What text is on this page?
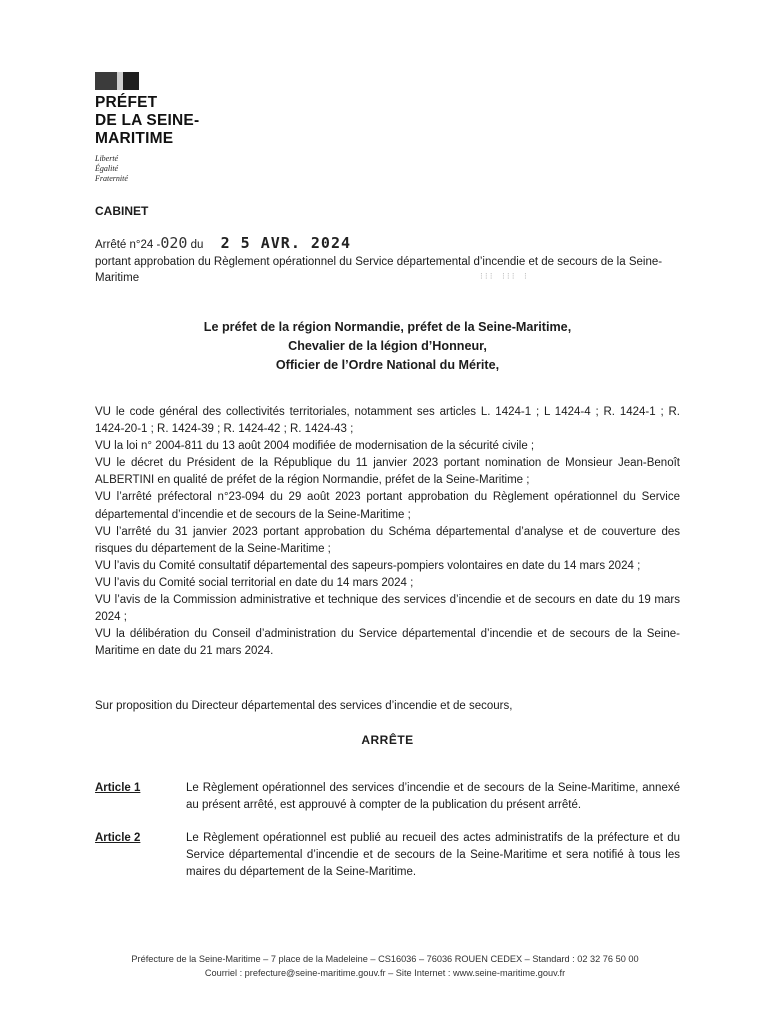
PRÉFET
DE LA SEINE-
MARITIME
Liberté
Égalité
Fraternité
CABINET
Arrêté n°24 -020 du 2 5 AVR. 2024
portant approbation du Règlement opérationnel du Service départemental d’incendie et de secours de la Seine-Maritime	⁝⁝⁝ ⁝⁝⁝ ⁝
Le préfet de la région Normandie, préfet de la Seine-Maritime,
Chevalier de la légion d’Honneur,
Officier de l’Ordre National du Mérite,

VU le code général des collectivités territoriales, notamment ses articles L. 1424-1 ; L 1424-4 ; R. 1424-1 ; R. 1424-20-1 ; R. 1424-39 ; R. 1424-42 ; R. 1424-43 ;

VU la loi n° 2004-811 du 13 août 2004 modifiée de modernisation de la sécurité civile ;

VU le décret du Président de la République du 11 janvier 2023 portant nomination de Monsieur Jean-Benoît ALBERTINI en qualité de préfet de la région Normandie, préfet de la Seine-Maritime ;

VU l’arrêté préfectoral n°23-094 du 29 août 2023 portant approbation du Règlement opérationnel du Service départemental d’incendie et de secours de la Seine-Maritime ;

VU l’arrêté du 31 janvier 2023 portant approbation du Schéma départemental d’analyse et de couverture des risques du département de la Seine-Maritime ;

VU l’avis du Comité consultatif départemental des sapeurs-pompiers volontaires en date du 14 mars 2024 ;

VU l’avis du Comité social territorial en date du 14 mars 2024 ;

VU l’avis de la Commission administrative et technique des services d’incendie et de secours en date du 19 mars 2024 ;

VU la délibération du Conseil d’administration du Service départemental d’incendie et de secours de la Seine-Maritime en date du 21 mars 2024.

Sur proposition du Directeur départemental des services d’incendie et de secours,
ARRÊTE
Article 1	Le Règlement opérationnel des services d’incendie et de secours de la Seine-Maritime, annexé au présent arrêté, est approuvé à compter de la publication du présent arrêté.
Article 2	Le Règlement opérationnel est publié au recueil des actes administratifs de la préfecture et du Service départemental d’incendie et de secours de la Seine-Maritime et sera notifié à tous les maires du département de la Seine-Maritime.
Préfecture de la Seine-Maritime – 7 place de la Madeleine – CS16036 – 76036 ROUEN CEDEX – Standard : 02 32 76 50 00
Courriel : prefecture@seine-maritime.gouv.fr – Site Internet : www.seine-maritime.gouv.fr
